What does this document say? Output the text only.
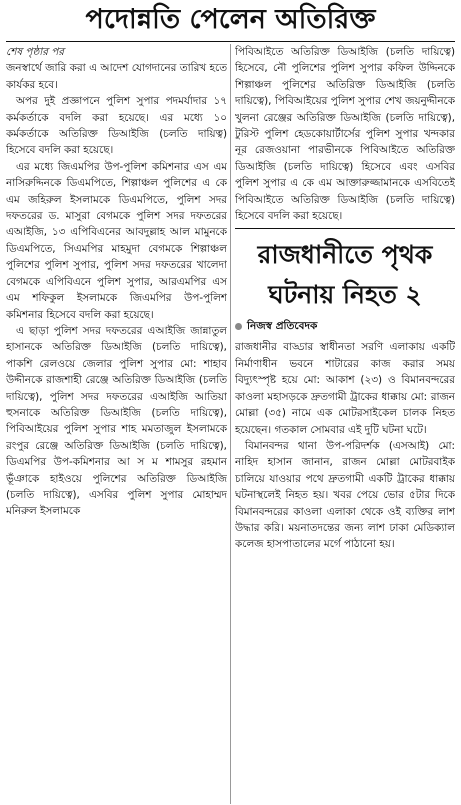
পদোন্নতি পেলেন অতিরিক্ত

শেষ পৃষ্ঠার পর

জনস্বার্থে জারি করা এ আদেশ যোগদানের তারিখ হতে কার্যকর হবে।

অপর দুই প্রজ্ঞাপনে পুলিশ সুপার পদমর্যাদার ১৭ কর্মকর্তাকে বদলি করা হয়েছে। এর মধ্যে ১০ কর্মকর্তাকে অতিরিক্ত ডিআইজি (চলতি দায়িত্ব) হিসেবে বদলি করা হয়েছে।

এর মধ্যে জিএমপির উপ-পুলিশ কমিশনার এস এম নাসিরুদ্দিনকে ডিএমপিতে, শিল্পাঞ্চল পুলিশের এ কে এম জহিরুল ইসলামকে ডিএমপিতে, পুলিশ সদর দফতরের ড. মাসুরা বেগমকে পুলিশ সদর দফতরের এআইজি, ১৩ এপিবিএনের আবদুল্লাহ আল মামুনকে ডিএমপিতে, সিএমপির মাহমুদা বেগমকে শিল্পাঞ্চল পুলিশের পুলিশ সুপার, পুলিশ সদর দফতরের খালেদা বেগমকে এপিবিএনে পুলিশ সুপার, আরএমপির এস এম শফিকুল ইসলামকে জিএমপির উপ-পুলিশ কমিশনার হিসেবে বদলি করা হয়েছে।

এ ছাড়া পুলিশ সদর দফতরের এআইজি জান্নাতুল হাসানকে অতিরিক্ত ডিআইজি (চলতি দায়িত্বে), পাকশি রেলওয়ে জেলার পুলিশ সুপার মো: শাহাব উদ্দীনকে রাজশাহী রেঞ্জে অতিরিক্ত ডিআইজি (চলতি দায়িত্বে), পুলিশ সদর দফতরের এআইজি আতিয়া হুসনাকে অতিরিক্ত ডিআইজি (চলতি দায়িত্বে), পিবিআইয়ের পুলিশ সুপার শাহ মমতাজুল ইসলামকে রংপুর রেঞ্জে অতিরিক্ত ডিআইজি (চলতি দায়িত্বে), ডিএমপির উপ-কমিশনার আ স ম শামসুর রহমান ভূঁঞাকে হাইওয়ে পুলিশের অতিরিক্ত ডিআইজি (চলতি দায়িত্বে), এসবির পুলিশ সুপার মোহাম্মদ মনিরুল ইসলামকে

পিবিআইতে অতিরিক্ত ডিআইজি (চলতি দায়িত্বে) হিসেবে, নৌ পুলিশের পুলিশ সুপার কফিল উদ্দিনকে শিল্পাঞ্চল পুলিশের অতিরিক্ত ডিআইজি (চলতি দায়িত্বে), পিবিআইয়ের পুলিশ সুপার শেখ জয়নুদ্দীনকে খুলনা রেঞ্জের অতিরিক্ত ডিআইজি (চলতি দায়িত্বে), টুরিস্ট পুলিশ হেডকোয়ার্টার্সের পুলিশ সুপার খন্দকার নূর রেজওয়ানা পারভীনকে পিবিআইতে অতিরিক্ত ডিআইজি (চলতি দায়িত্বে) হিসেবে এবং এসবির পুলিশ সুপার এ কে এম আক্তারুজ্জামানকে এসবিতেই পিবিআইতে অতিরিক্ত ডিআইজি (চলতি দায়িত্বে) হিসেবে বদলি করা হয়েছে।

রাজধানীতে পৃথক ঘটনায় নিহত ২
নিজস্ব প্রতিবেদক

রাজধানীর বাড্ডার স্বাধীনতা সরণি এলাকায় একটি নির্মাণাধীন ভবনে শাটারের কাজ করার সময় বিদ্যুৎস্পৃষ্ট হয়ে মো: আকাশ (২৩) ও বিমানবন্দরের কাওলা মহাসড়কে দ্রুতগামী ট্রাকের ধাক্কায় মো: রাজন মোল্লা (৩৫) নামে এক মোটরসাইকেল চালক নিহত হয়েছেন। গতকাল সোমবার এই দুটি ঘটনা ঘটে।

বিমানবন্দর থানা উপ-পরিদর্শক (এসআই) মো: নাহিদ হাসান জানান, রাজন মোল্লা মোটরবাইক চালিয়ে যাওয়ার পথে দ্রুতগামী একটি ট্রাকের ধাক্কায় ঘটনাস্থলেই নিহত হয়। খবর পেয়ে ভোর ৫টার দিকে বিমানবন্দরের কাওলা এলাকা থেকে ওই ব্যক্তির লাশ উদ্ধার করি। ময়নাতদন্তের জন্য লাশ ঢাকা মেডিক্যাল কলেজ হাসপাতালের মর্গে পাঠানো হয়।
